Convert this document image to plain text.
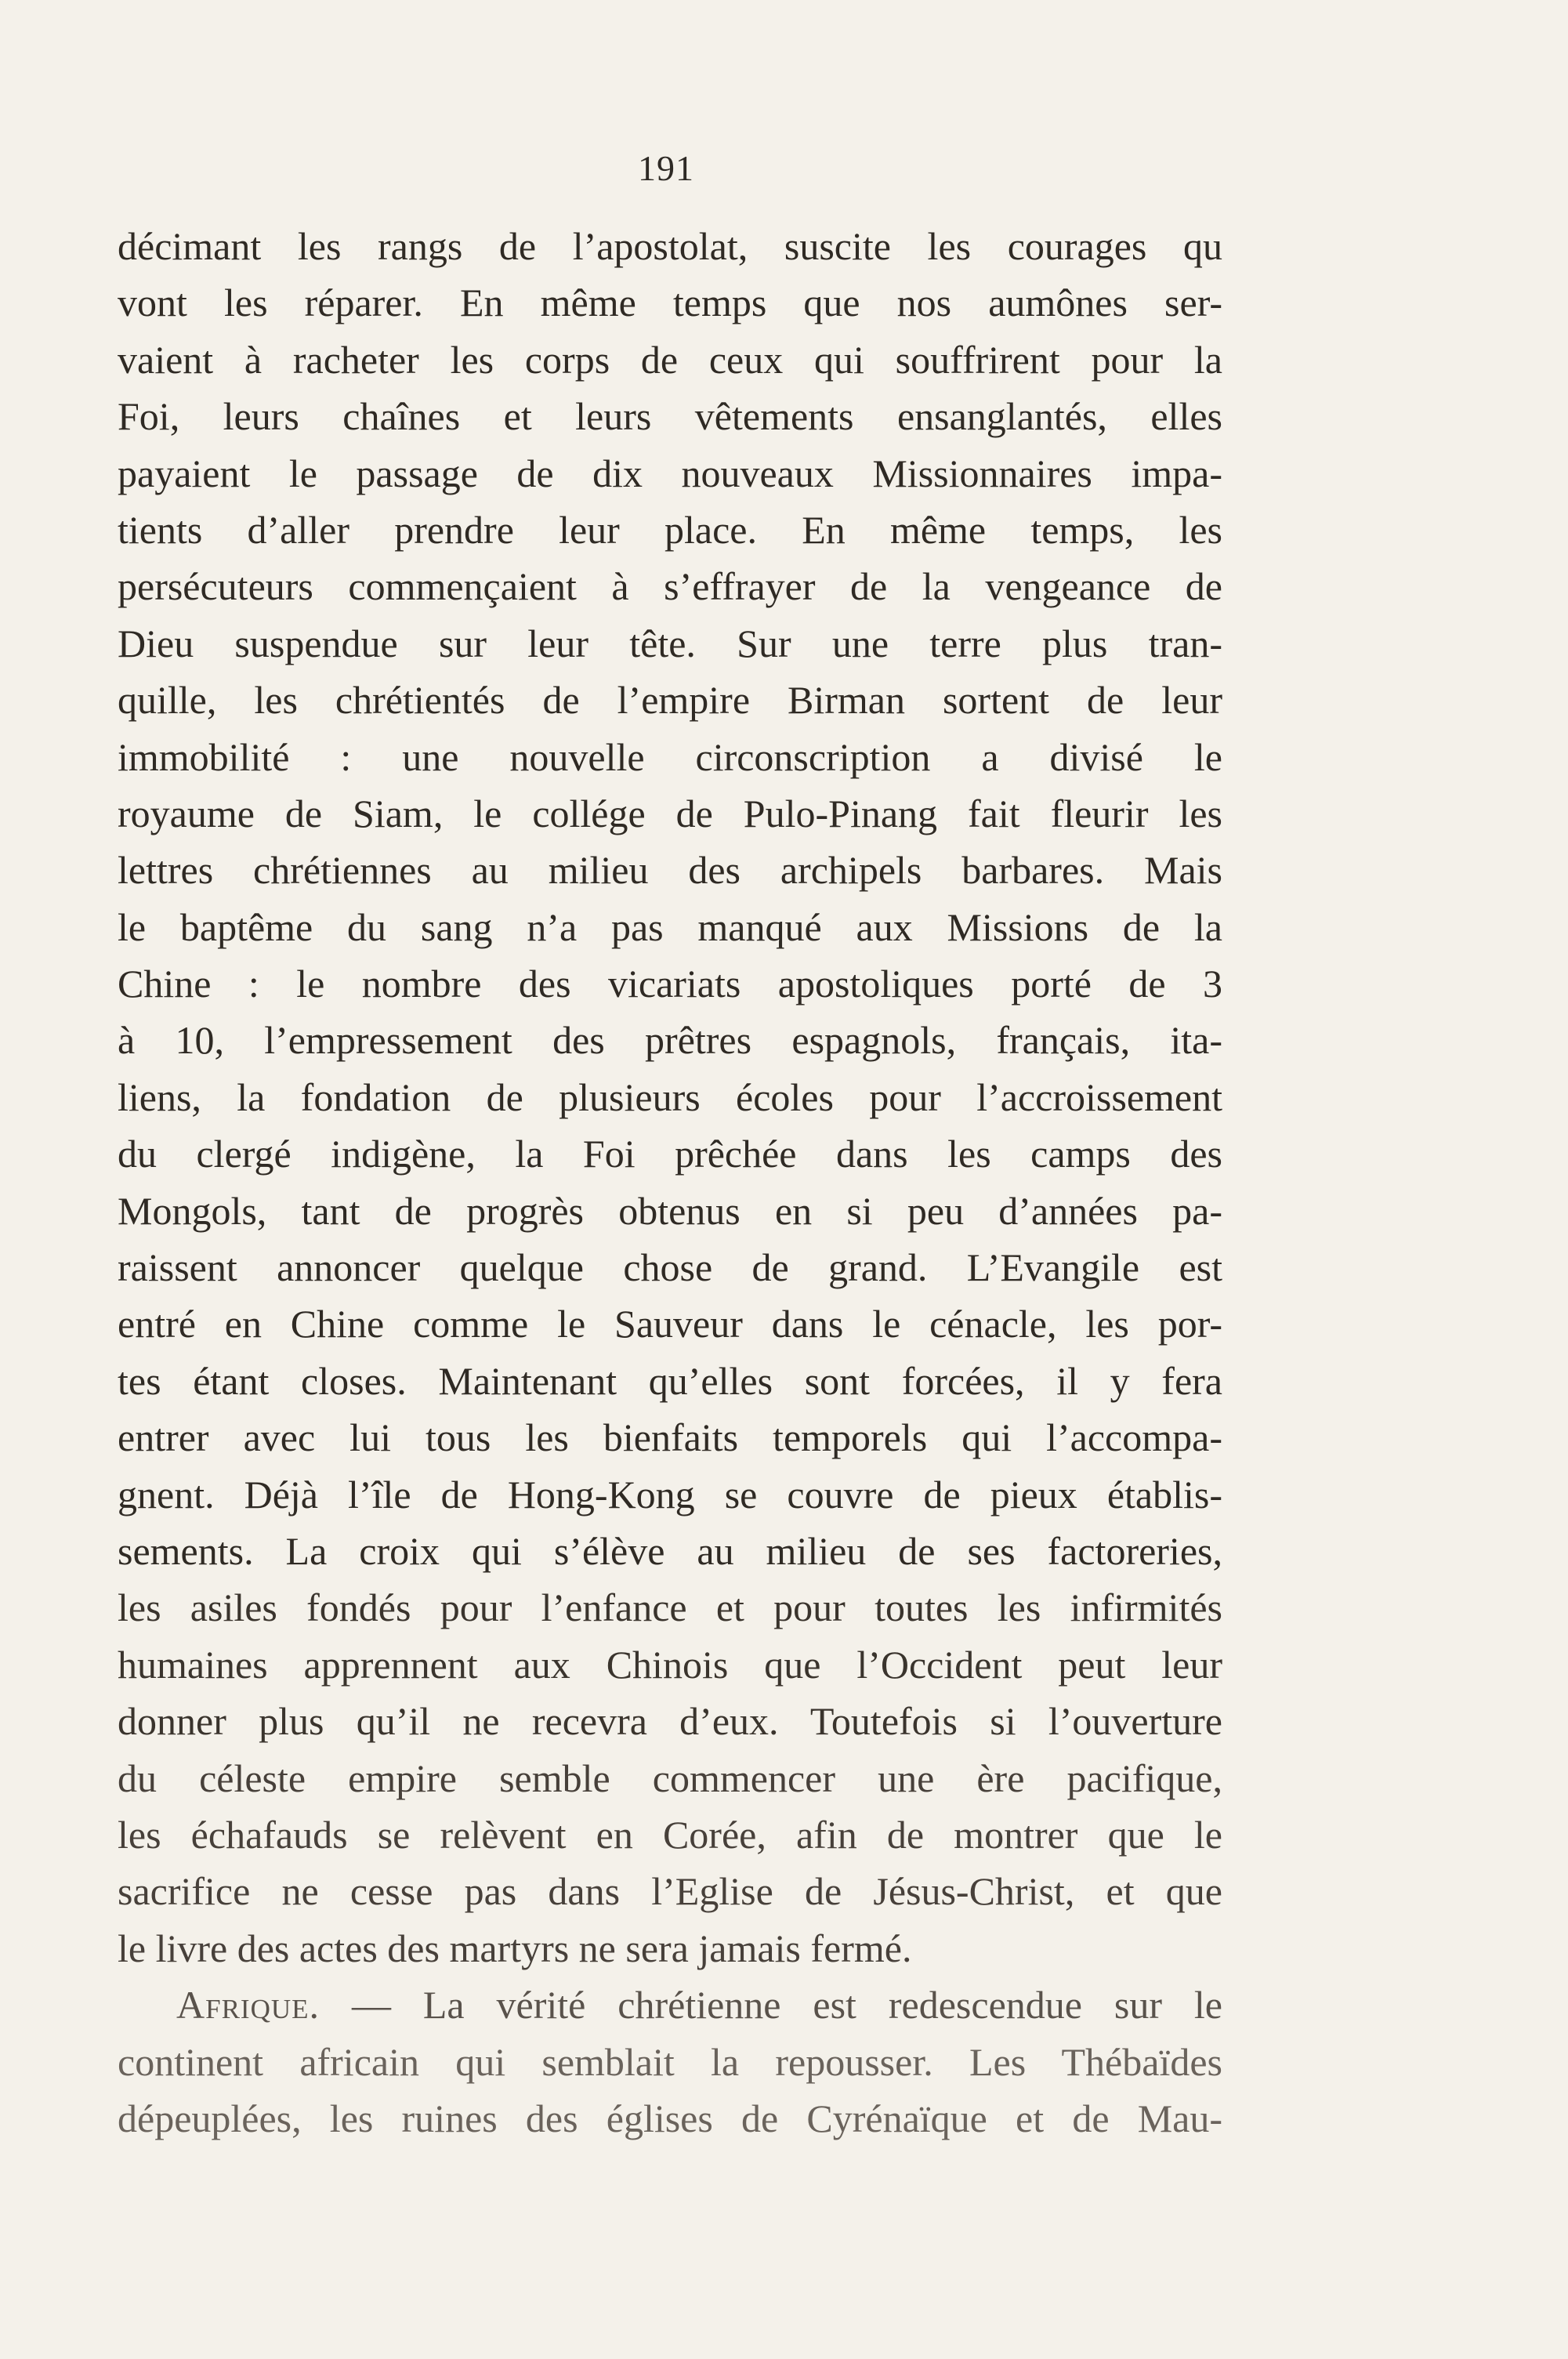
191
décimant les rangs de l’apostolat, suscite les courages qu
vont les réparer. En même temps que nos aumônes ser-
vaient à racheter les corps de ceux qui souffrirent pour la
Foi, leurs chaînes et leurs vêtements ensanglantés, elles
payaient le passage de dix nouveaux Missionnaires impa-
tients d’aller prendre leur place. En même temps, les
persécuteurs commençaient à s’effrayer de la vengeance de
Dieu suspendue sur leur tête. Sur une terre plus tran-
quille, les chrétientés de l’empire Birman sortent de leur
immobilité : une nouvelle circonscription a divisé le
royaume de Siam, le collége de Pulo-Pinang fait fleurir les
lettres chrétiennes au milieu des archipels barbares. Mais
le baptême du sang n’a pas manqué aux Missions de la
Chine : le nombre des vicariats apostoliques porté de 3
à 10, l’empressement des prêtres espagnols, français, ita-
liens, la fondation de plusieurs écoles pour l’accroissement
du clergé indigène, la Foi prêchée dans les camps des
Mongols, tant de progrès obtenus en si peu d’années pa-
raissent annoncer quelque chose de grand. L’Evangile est
entré en Chine comme le Sauveur dans le cénacle, les por-
tes étant closes. Maintenant qu’elles sont forcées, il y fera
entrer avec lui tous les bienfaits temporels qui l’accompa-
gnent. Déjà l’île de Hong-Kong se couvre de pieux établis-
sements. La croix qui s’élève au milieu de ses factoreries,
les asiles fondés pour l’enfance et pour toutes les infirmités
humaines apprennent aux Chinois que l’Occident peut leur
donner plus qu’il ne recevra d’eux. Toutefois si l’ouverture
du céleste empire semble commencer une ère pacifique,
les échafauds se relèvent en Corée, afin de montrer que le
sacrifice ne cesse pas dans l’Eglise de Jésus-Christ, et que
le livre des actes des martyrs ne sera jamais fermé.
Afrique. — La vérité chrétienne est redescendue sur le
continent africain qui semblait la repousser. Les Thébaïdes
dépeuplées, les ruines des églises de Cyrénaïque et de Mau-
